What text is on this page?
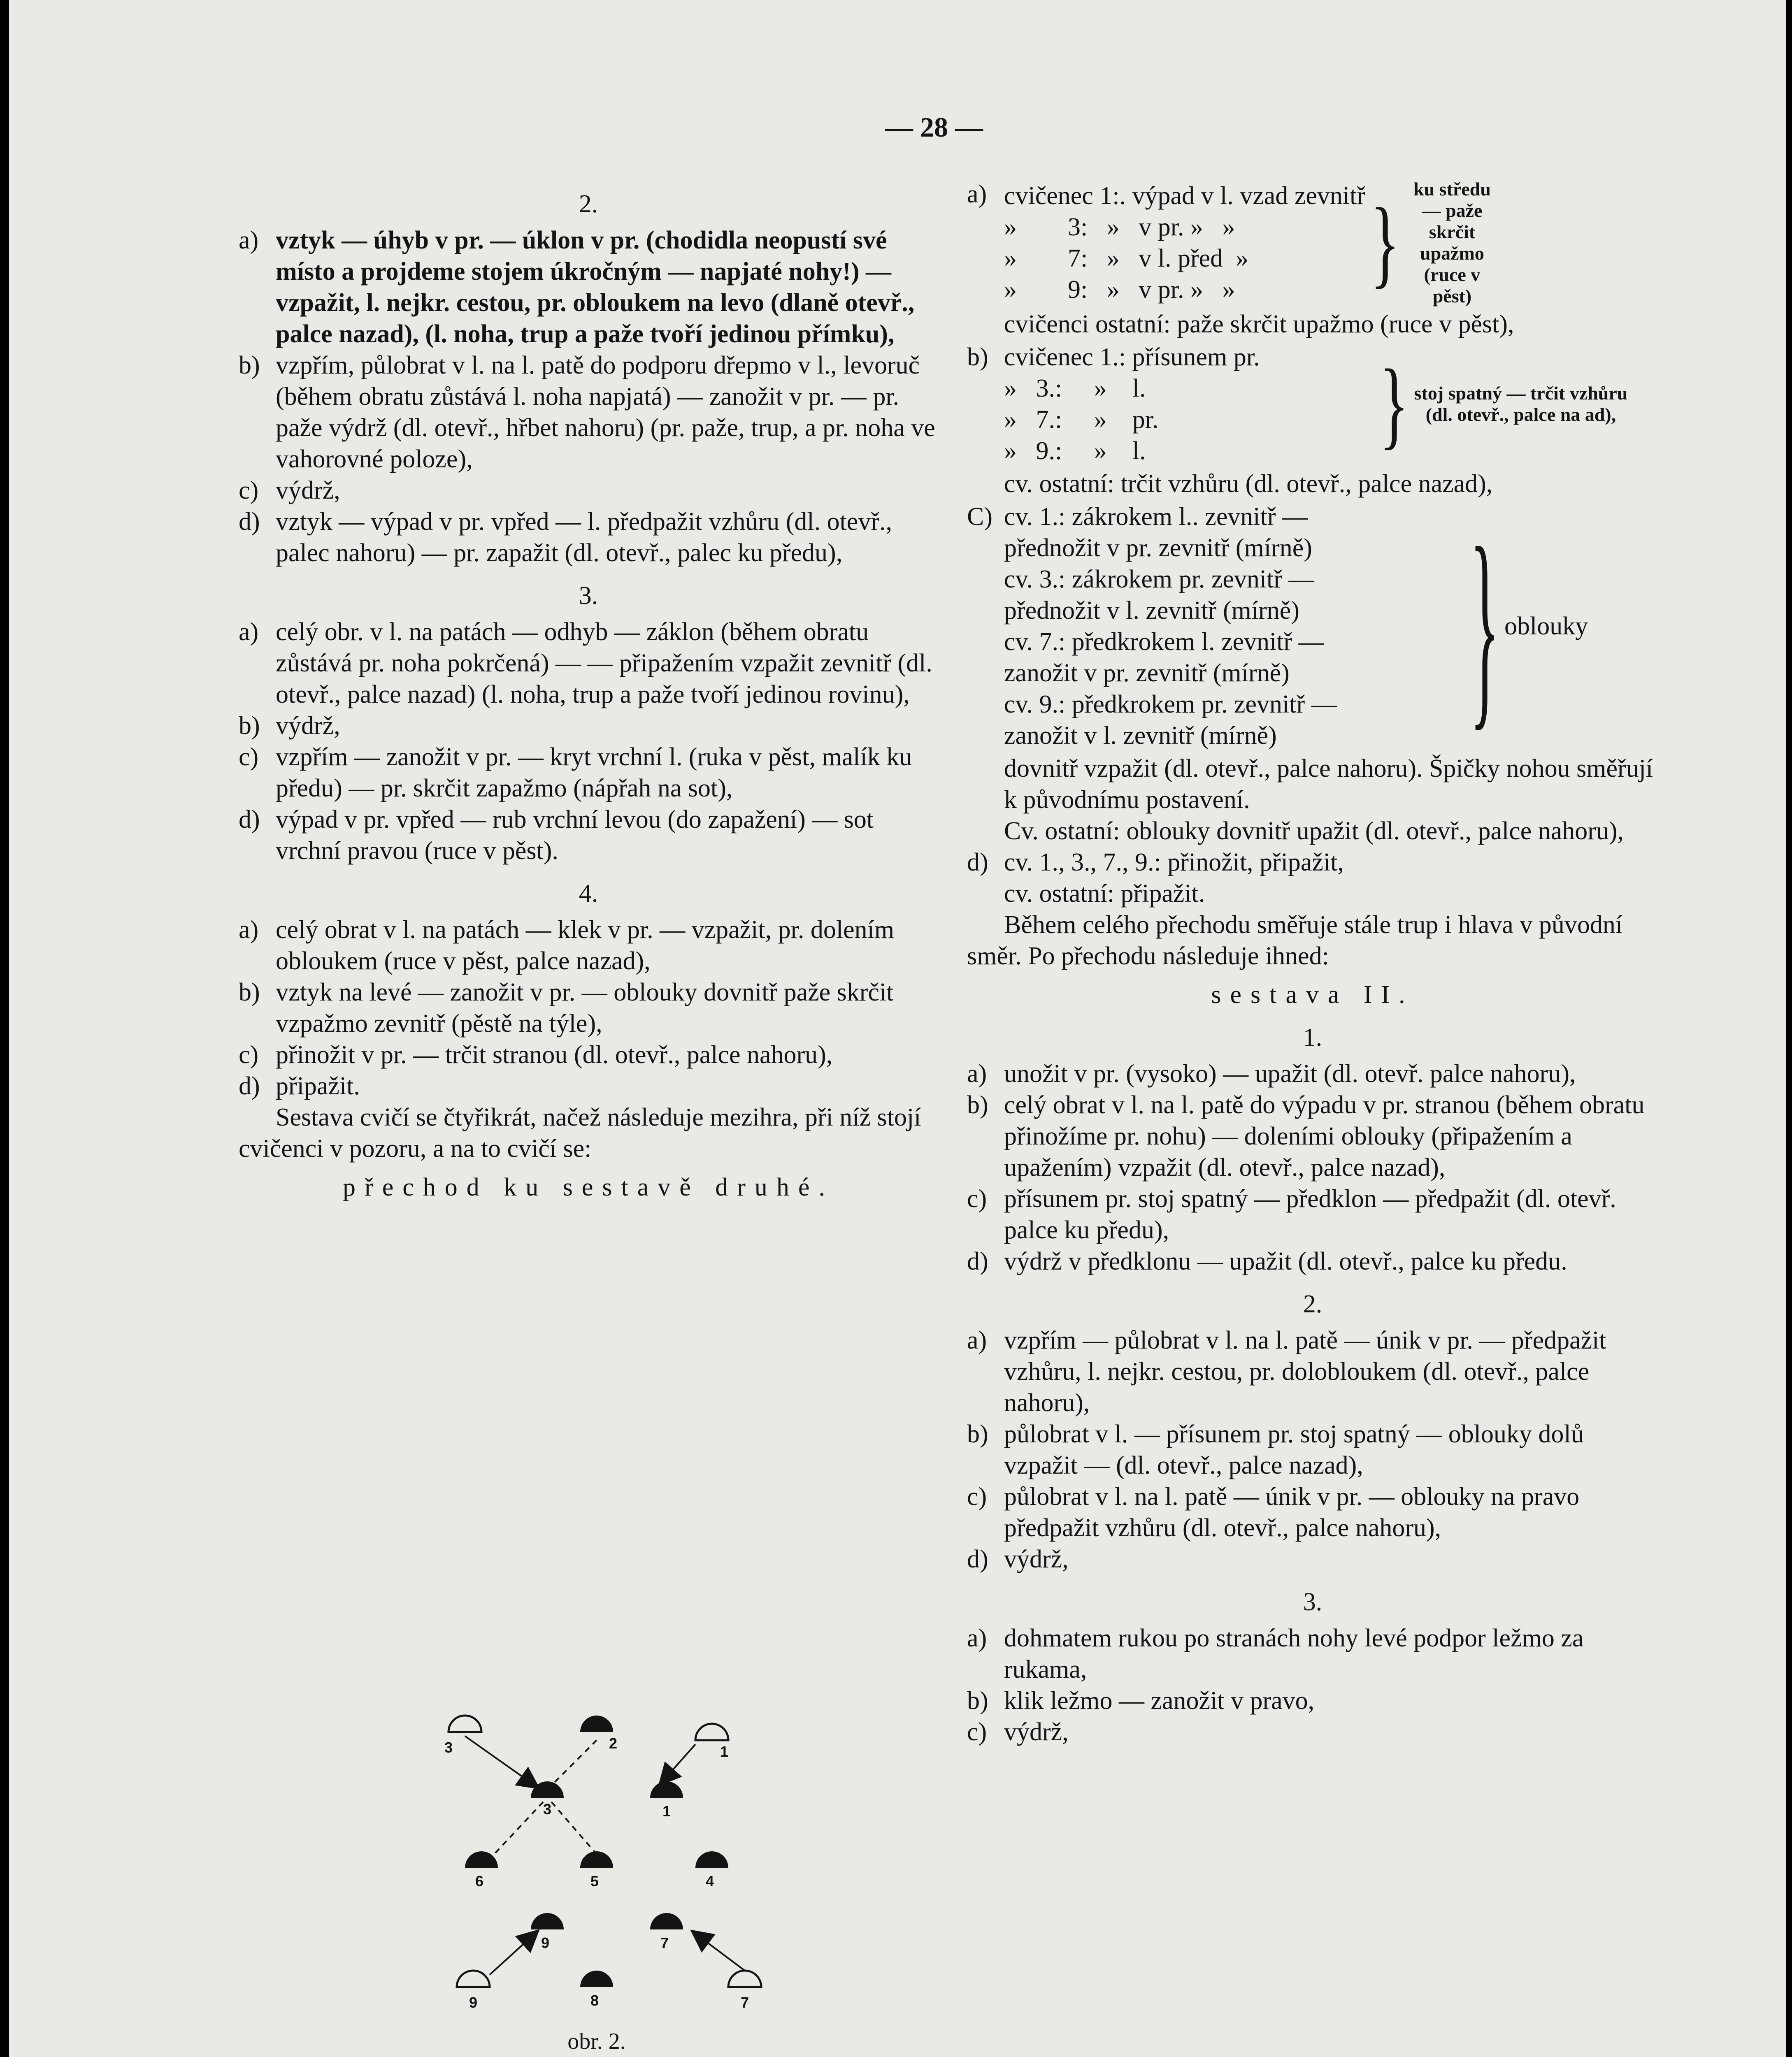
— 28 —
2.
a) vztyk — úhyb v pr. — úklon v pr. (chodidla neopustí své místo a projdeme stojem úkročným — napjaté nohy!) — vzpažit, l. nejkr. cestou, pr. obloukem na levo (dlaně otevř., palce nazad), (l. noha, trup a paže tvoří jedinou přímku),
b) vzpřím, půlobrat v l. na l. patě do podporu dřepmo v l., levoruč (během obratu zůstává l. noha napjatá) — zanožit v pr. — pr. paže výdrž (dl. otevř., hřbet nahoru) (pr. paže, trup, a pr. noha ve vahorovné poloze),
c) výdrž,
d) vztyk — výpad v pr. vpřed — l. předpažit vzhůru (dl. otevř., palec nahoru) — pr. zapažit (dl. otevř., palec ku předu),
3.
a) celý obr. v l. na patách — odhyb — záklon (během obratu zůstává pr. noha pokrčená) — — připažením vzpažit zevnitř (dl. otevř., palce nazad) (l. noha, trup a paže tvoří jedinou rovinu),
b) výdrž,
c) vzpřím — zanožit v pr. — kryt vrchní l. (ruka v pěst, malík ku předu) — pr. skrčit zapažmo (nápřah na sot),
d) výpad v pr. vpřed — rub vrchní levou (do zapažení) — sot vrchní pravou (ruce v pěst).
4.
a) celý obrat v l. na patách — klek v pr. — vzpažit, pr. dolením obloukem (ruce v pěst, palce nazad),
b) vztyk na levé — zanožit v pr. — oblouky dovnitř paže skrčit vzpažmo zevnitř (pěstě na týle),
c) přinožit v pr. — trčit stranou (dl. otevř., palce nahoru),
d) připažit.
Sestava cvičí se čtyřikrát, načež následuje mezihra, při níž stojí cvičenci v pozoru, a na to cvičí se:
přechod ku sestavě druhé.
3	2	1
3	1
6	5	4
9	7
9	8	7
obr. 2.
a) cvičenec 1:. výpad v l. vzad zevnitř
»        3:   »   v pr. »   »
»        7:   »   v l. před  »
»        9:   »   v pr. »   »	} ku středu — paže skrčit upažmo (ruce v pěst)
cvičenci ostatní: paže skrčit upažmo (ruce v pěst),
b) cvičenec 1.: přísunem pr.
»   3.:     »    l.
»   7.:     »    pr.
»   9.:     »    l.	} stoj spatný — trčit vzhůru (dl. otevř., palce na ad),
cv. ostatní: trčit vzhůru (dl. otevř., palce nazad),
C) cv. 1.: zákrokem l.. zevnitř —
přednožit v pr. zevnitř (mírně)
cv. 3.: zákrokem pr. zevnitř —
přednožit v l. zevnitř (mírně)
cv. 7.: předkrokem l. zevnitř —
zanožit v pr. zevnitř (mírně)
cv. 9.: předkrokem pr. zevnitř —
zanožit v l. zevnitř (mírně)	} oblouky
dovnitř vzpažit (dl. otevř., palce nahoru). Špičky nohou směřují k původnímu postavení.
Cv. ostatní: oblouky dovnitř upažit (dl. otevř., palce nahoru),
d) cv. 1., 3., 7., 9.: přinožit, připažit,
cv. ostatní: připažit.
Během celého přechodu směřuje stále trup i hlava v původní směr. Po přechodu následuje ihned:
sestava II.
1.
a) unožit v pr. (vysoko) — upažit (dl. otevř. palce nahoru),
b) celý obrat v l. na l. patě do výpadu v pr. stranou (během obratu přinožíme pr. nohu) — doleními oblouky (připažením a upažením) vzpažit (dl. otevř., palce nazad),
c) přísunem pr. stoj spatný — předklon — předpažit (dl. otevř. palce ku předu),
d) výdrž v předklonu — upažit (dl. otevř., palce ku předu.
2.
a) vzpřím — půlobrat v l. na l. patě — únik v pr. — předpažit vzhůru, l. nejkr. cestou, pr. dolobloukem (dl. otevř., palce nahoru),
b) půlobrat v l. — přísunem pr. stoj spatný — oblouky dolů vzpažit — (dl. otevř., palce nazad),
c) půlobrat v l. na l. patě — únik v pr. — oblouky na pravo předpažit vzhůru (dl. otevř., palce nahoru),
d) výdrž,
3.
a) dohmatem rukou po stranách nohy levé podpor ležmo za rukama,
b) klik ležmo — zanožit v pravo,
c) výdrž,
